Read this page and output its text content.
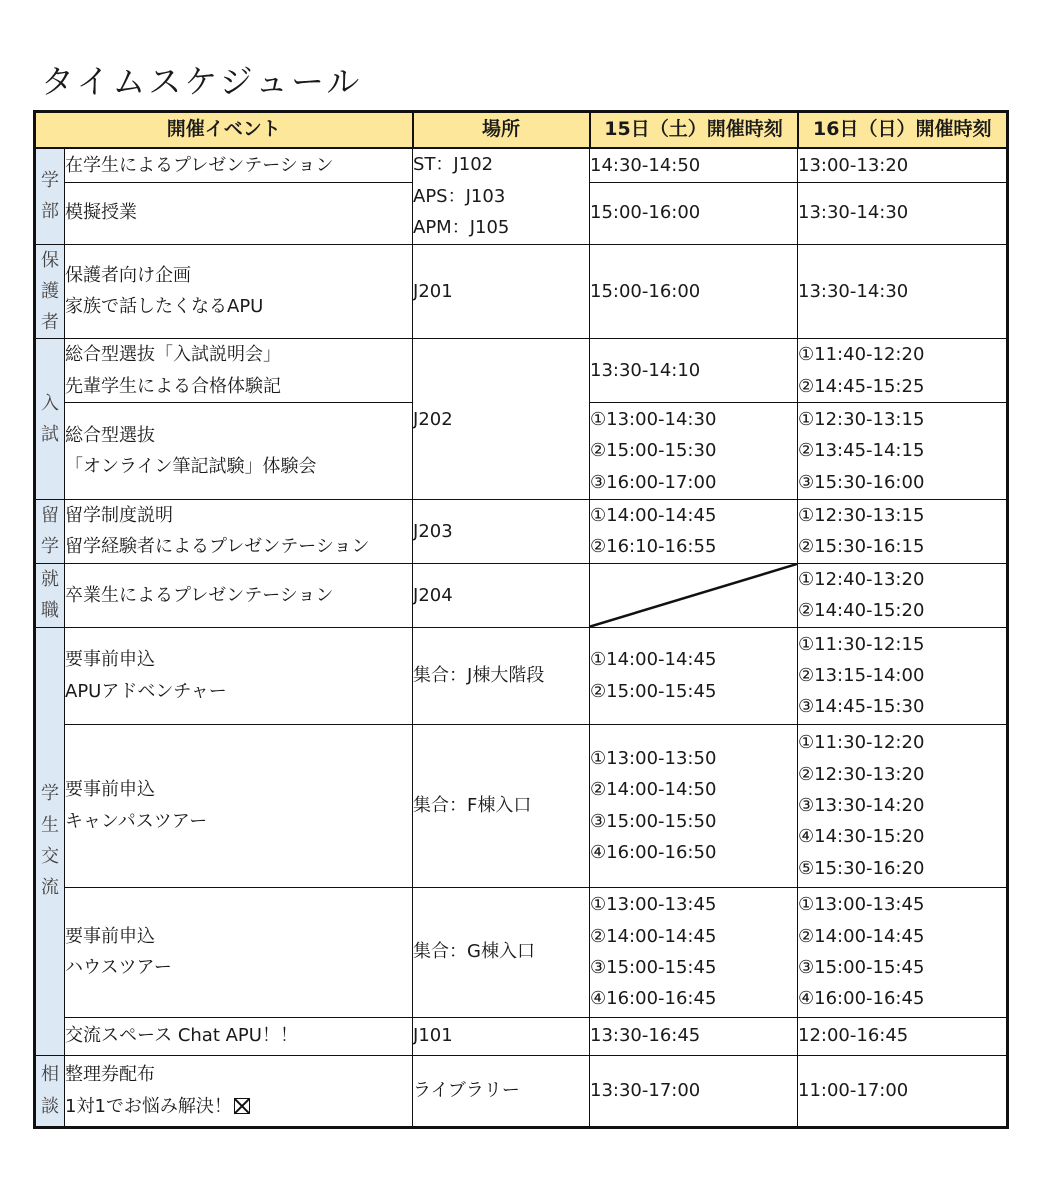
タイムスケジュール
開催イベント		場所	15日（土）開催時刻	16日（日）開催時刻

学
部	在学生によるプレゼンテーション	ST：J102
APS：J103
APM：J105	14:30-14:50	13:00-13:20

	模擬授業		15:00-16:00	13:30-14:30

保
護
者	保護者向け企画
家族で話したくなるAPU	J201	15:00-16:00	13:30-14:30

入
試	総合型選抜「入試説明会」
先輩学生による合格体験記	J202	13:30-14:10	①11:40-12:20
②14:45-15:25

	総合型選抜
「オンライン筆記試験」体験会		①13:00-14:30
②15:00-15:30
③16:00-17:00	①12:30-13:15
②13:45-14:15
③15:30-16:00

留
学	留学制度説明
留学経験者によるプレゼンテーション	J203	①14:00-14:45
②16:10-16:55	①12:30-13:15
②15:30-16:15

就
職	卒業生によるプレゼンテーション	J204		①12:40-13:20
②14:40-15:20

学
生
交
流	要事前申込
APUアドベンチャー	集合：J棟大階段	①14:00-14:45
②15:00-15:45	①11:30-12:15
②13:15-14:00
③14:45-15:30

	要事前申込
キャンパスツアー	集合：F棟入口	①13:00-13:50
②14:00-14:50
③15:00-15:50
④16:00-16:50	①11:30-12:20
②12:30-13:20
③13:30-14:20
④14:30-15:20
⑤15:30-16:20

	要事前申込
ハウスツアー	集合：G棟入口	①13:00-13:45
②14:00-14:45
③15:00-15:45
④16:00-16:45	①13:00-13:45
②14:00-14:45
③15:00-15:45
④16:00-16:45

	交流スペース Chat APU！！	J101	13:30-16:45	12:00-16:45

相
談	整理券配布
1対1でお悩み解決！	ライブラリー	13:30-17:00	11:00-17:00
